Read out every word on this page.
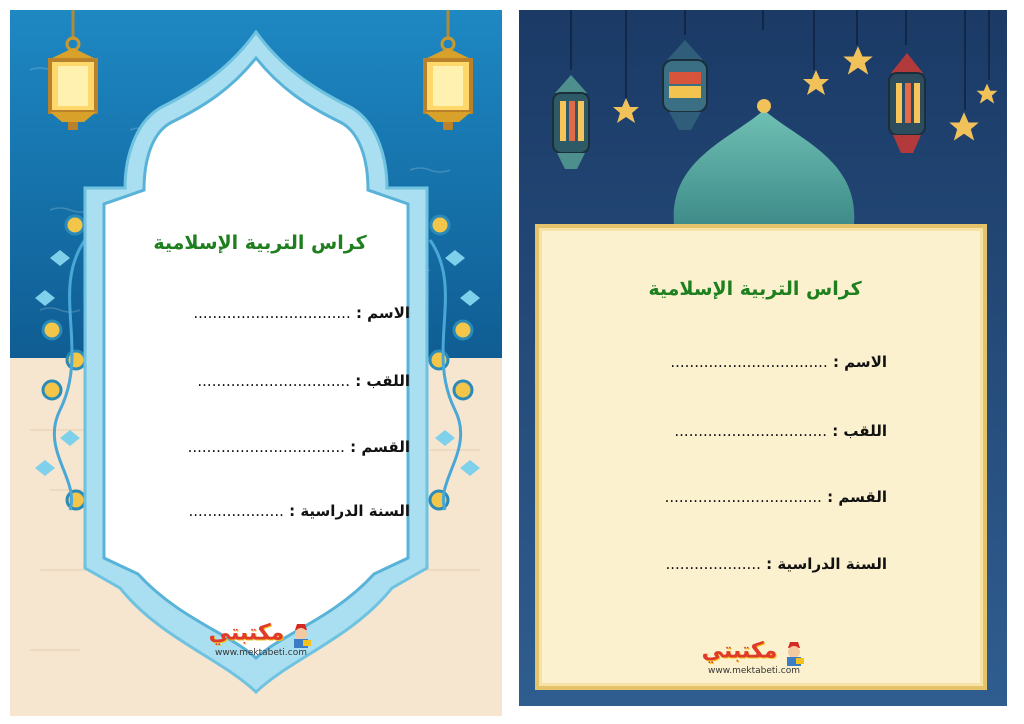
كراس التربية الإسلامية
الاسم : .................................
اللقب : ................................
القسم : .................................
السنة الدراسية : ....................
مكتبتي
www.mektabeti.com
كراس التربية الإسلامية
الاسم : .................................
اللقب : ................................
القسم : .................................
السنة الدراسية : ....................
مكتبتي
www.mektabeti.com
